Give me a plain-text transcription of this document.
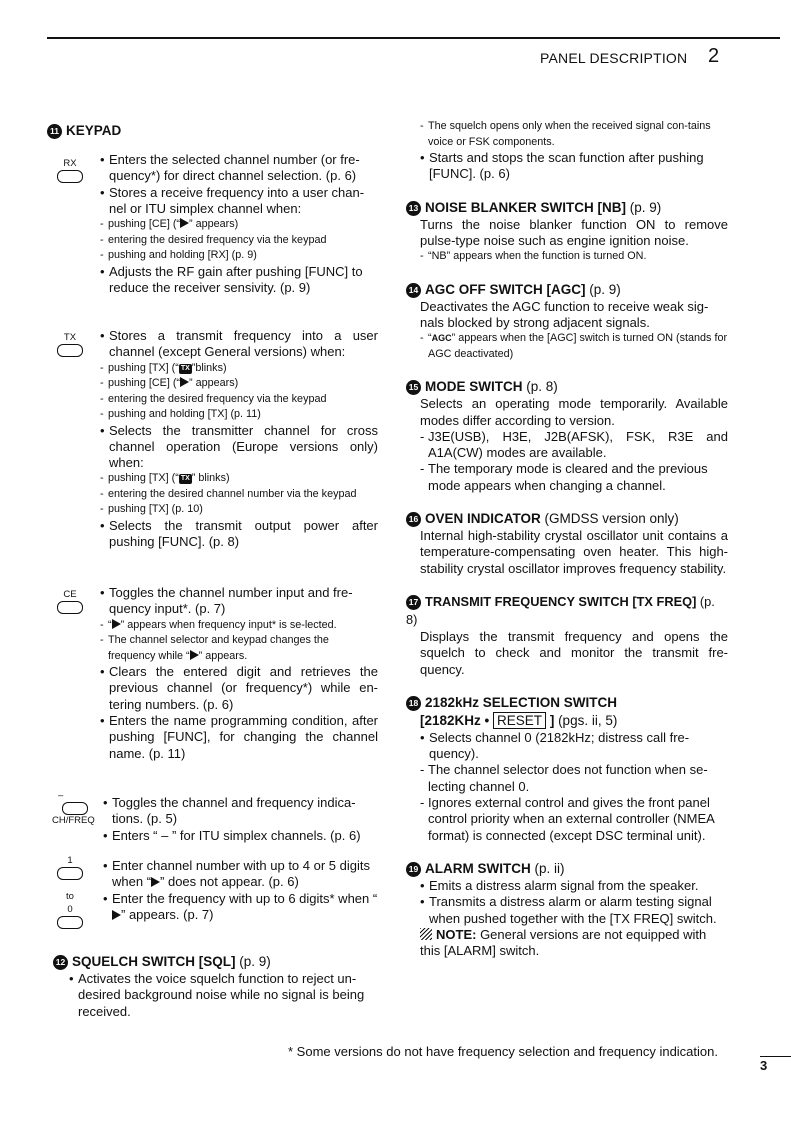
PANEL DESCRIPTION 2
11 KEYPAD
RX
TX
CE
–
CH/FREQ
1
to
0
• Enters the selected channel number (or fre-quency*) for direct channel selection. (p. 6)
• Stores a receive frequency into a user chan-nel or ITU simplex channel when:
- pushing [CE] (“ ” appears)
- entering the desired frequency via the keypad
- pushing and holding [RX] (p. 9)
• Adjusts the RF gain after pushing [FUNC] to reduce the receiver sensivity. (p. 9)
• Stores a transmit frequency into a user channel (except General versions) when:
- pushing [TX] (“ TX ”blinks)
- pushing [CE] (“ ” appears)
- entering the desired frequency via the keypad
- pushing and holding [TX] (p. 11)
• Selects the transmitter channel for cross channel operation (Europe versions only) when:
- pushing [TX] (“ TX ” blinks)
- entering the desired channel number via the keypad
- pushing [TX] (p. 10)
• Selects the transmit output power after pushing [FUNC]. (p. 8)
• Toggles the channel number input and fre-quency input*. (p. 7)
- “ ” appears when frequency input* is se-lected.
- The channel selector and keypad changes the frequency while “ ” appears.
• Clears the entered digit and retrieves the previous channel (or frequency*) while en-tering numbers. (p. 6)
• Enters the name programming condition, after pushing [FUNC], for changing the channel name. (p. 11)
• Toggles the channel and frequency indica-tions. (p. 5)
• Enters “ – ” for ITU simplex channels. (p. 6)
• Enter channel number with up to 4 or 5 digits when “ ” does not appear. (p. 6)
• Enter the frequency with up to 6 digits* when “” appears. (p. 7)
12 SQUELCH SWITCH [SQL] (p. 9)
• Activates the voice squelch function to reject un-desired background noise while no signal is being received.
- The squelch opens only when the received signal con-tains voice or FSK components.
• Starts and stops the scan function after pushing [FUNC]. (p. 6)
13 NOISE BLANKER SWITCH [NB] (p. 9)
Turns the noise blanker function ON to remove pulse-type noise such as engine ignition noise.
- “NB” appears when the function is turned ON.
14 AGC OFF SWITCH [AGC] (p. 9)
Deactivates the AGC function to receive weak sig-nals blocked by strong adjacent signals.
- “AGC” appears when the [AGC] switch is turned ON (stands for AGC deactivated)
15 MODE SWITCH (p. 8)
Selects an operating mode temporarily. Available modes differ according to version.
- J3E(USB), H3E, J2B(AFSK), FSK, R3E and A1A(CW) modes are available.
- The temporary mode is cleared and the previous mode appears when changing a channel.
16 OVEN INDICATOR (GMDSS version only)
Internal high-stability crystal oscillator unit contains a temperature-compensating oven heater. This high-stability crystal oscillator improves frequency stability.
17 TRANSMIT FREQUENCY SWITCH [TX FREQ] (p. 8)
Displays the transmit frequency and opens the squelch to check and monitor the transmit fre-quency.
18 2182kHz SELECTION SWITCH
[2182KHz • RESET ] (pgs. ii, 5)
• Selects channel 0 (2182kHz; distress call fre-quency).
- The channel selector does not function when se-lecting channel 0.
- Ignores external control and gives the front panel control priority when an external controller (NMEA format) is connected (except DSC terminal unit).
19 ALARM SWITCH (p. ii)
• Emits a distress alarm signal from the speaker.
• Transmits a distress alarm or alarm testing signal when pushed together with the [TX FREQ] switch.
NOTE: General versions are not equipped with this [ALARM] switch.
* Some versions do not have frequency selection and frequency indication.
3
